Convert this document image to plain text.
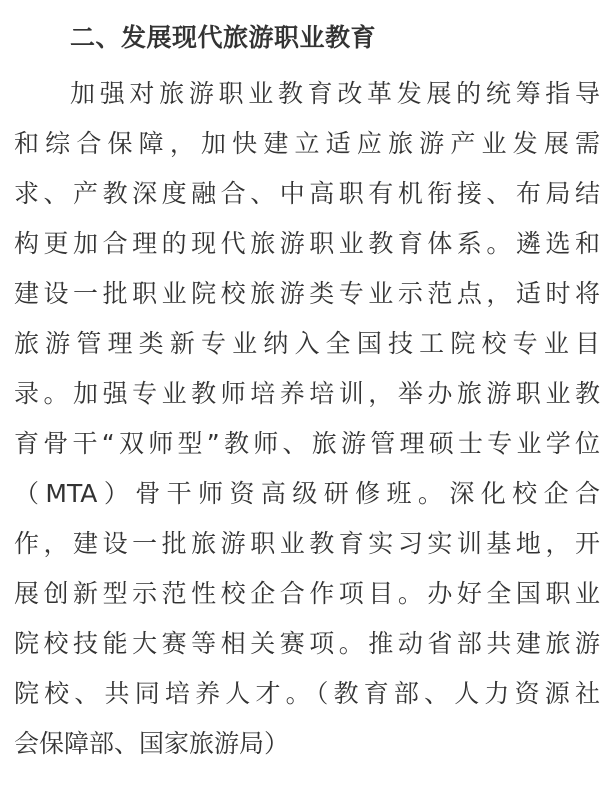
二、发展现代旅游职业教育
加强对旅游职业教育改革发展的统筹指导
和综合保障，加快建立适应旅游产业发展需
求、产教深度融合、中高职有机衔接、布局结
构更加合理的现代旅游职业教育体系。遴选和
建设一批职业院校旅游类专业示范点，适时将
旅游管理类新专业纳入全国技工院校专业目
录。加强专业教师培养培训，举办旅游职业教
育骨干“双师型”教师、旅游管理硕士专业学位
（MTA）骨干师资高级研修班。深化校企合
作，建设一批旅游职业教育实习实训基地，开
展创新型示范性校企合作项目。办好全国职业
院校技能大赛等相关赛项。推动省部共建旅游
院校、共同培养人才。（教育部、人力资源社
会保障部、国家旅游局）
